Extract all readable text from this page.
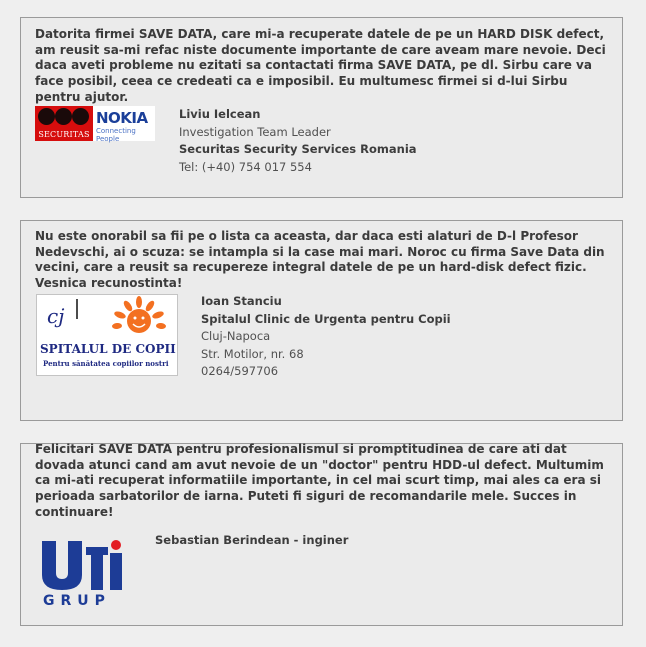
Datorita firmei SAVE DATA, care mi-a recuperate datele de pe un HARD DISK defect, am reusit sa-mi refac niste documente importante de care aveam mare nevoie. Deci daca aveti probleme nu ezitati sa contactati firma SAVE DATA, pe dl. Sirbu care va face posibil, ceea ce credeati ca e imposibil. Eu multumesc firmei si d-lui Sirbu pentru ajutor.
SECURITAS
NOKIA
Connecting People
Liviu Ielcean
Investigation Team Leader
Securitas Security Services Romania
Tel: (+40) 754 017 554
Nu este onorabil sa fii pe o lista ca aceasta, dar daca esti alaturi de D-l Profesor Nedevschi, ai o scuza: se intampla si la case mai mari. Noroc cu firma Save Data din vecini, care a reusit sa recupereze integral datele de pe un hard-disk defect fizic. Vesnica recunostinta!
cj
SPITALUL DE COPII
Pentru sănătatea copiilor nostri
Ioan Stanciu
Spitalul Clinic de Urgenta pentru Copii
Cluj-Napoca
Str. Motilor, nr. 68
0264/597706
Felicitari SAVE DATA pentru profesionalismul si promptitudinea de care ati dat dovada atunci cand am avut nevoie de un "doctor" pentru HDD-ul defect. Multumim ca mi-ati recuperat informatiile importante, in cel mai scurt timp, mai ales ca era si perioada sarbatorilor de iarna. Puteti fi siguri de recomandarile mele. Succes in continuare!
GRUP
Sebastian Berindean - inginer
